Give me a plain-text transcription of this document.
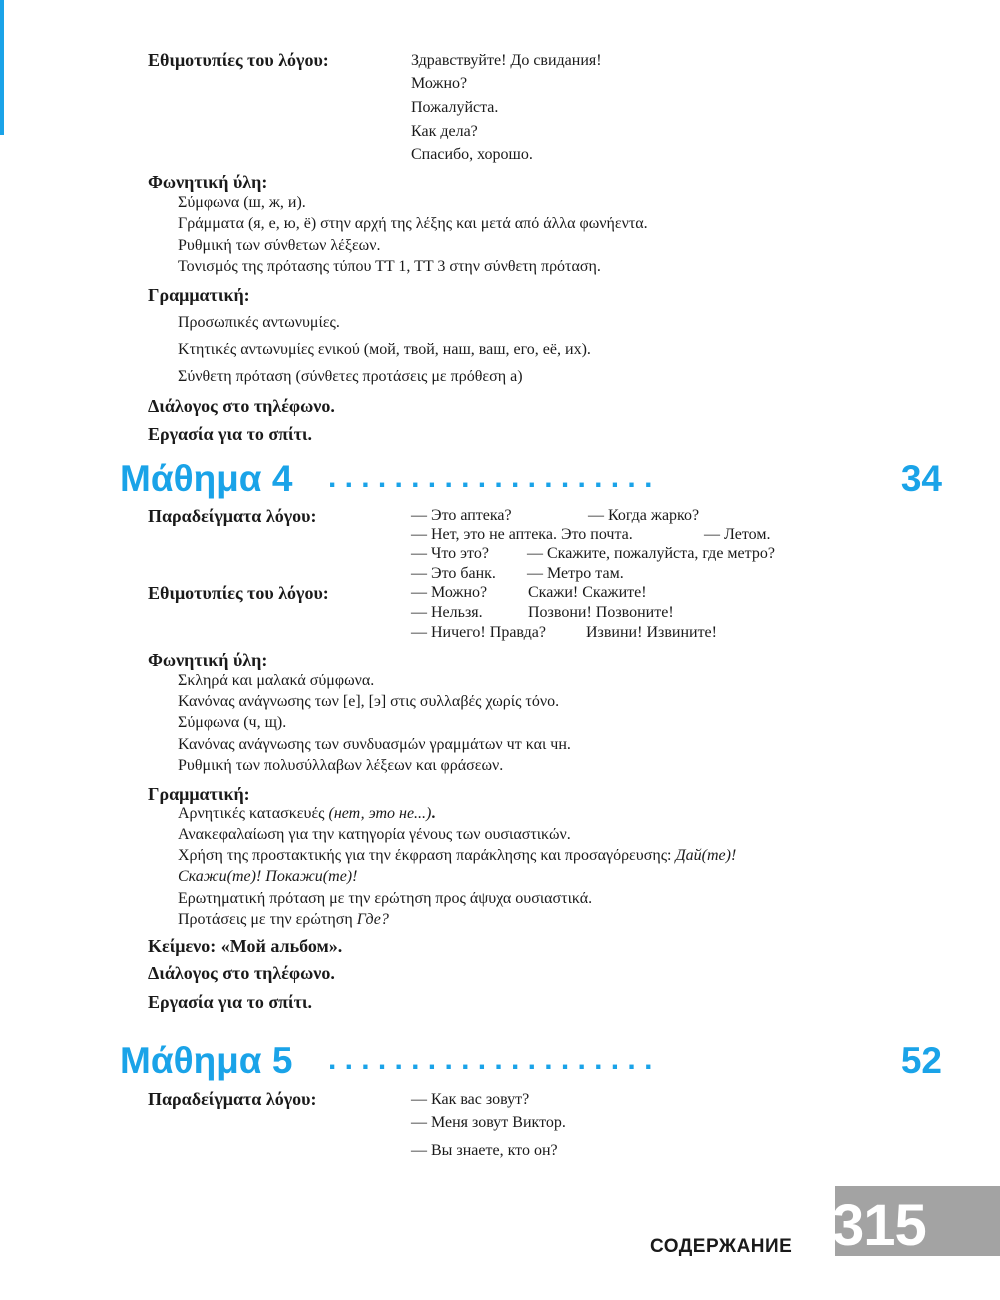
Εθιμοτυπίες του λόγου:	Здравствуйте! До свидания!
Можно?
Пожалуйста.
Как дела?
Спасибо, хорошо.
Φωνητική ύλη:
Σύμφωνα (ш, ж, и).
Γράμματα (я, е, ю, ё) στην αρχή της λέξης και μετά από άλλα φωνήεντα.
Ρυθμική των σύνθετων λέξεων.
Τονισμός της πρότασης τύπου ΤΤ 1, ΤΤ 3 στην σύνθετη πρόταση.
Γραμματική:
Προσωπικές αντωνυμίες.
Κτητικές αντωνυμίες ενικού (мой, твой, наш, ваш, его, её, их).
Σύνθετη πρόταση (σύνθετες προτάσεις με πρόθεση а)
Διάλογος στο τηλέφωνο.
Εργασία για το σπίτι.
Μάθημα 4 ....................	34
Παραδείγματα λόγου:	— Это аптека?	— Когда жарко?
— Нет, это не аптека. Это почта.	— Летом.
— Что это? — Скажите, пожалуйста, где метро?
— Это банк. — Метро там.
Εθιμοτυπίες του λόγου:	— Можно?	Скажи! Скажите!
— Нельзя.	Позвони! Позвоните!
— Ничего! Правда?	Извини! Извините!
Φωνητική ύλη:
Σκληρά και μαλακά σύμφωνα.
Κανόνας ανάγνωσης των [е], [э] στις συλλαβές χωρίς τόνο.
Σύμφωνα (ч, щ).
Κανόνας ανάγνωσης των συνδυασμών γραμμάτων чт και чн.
Ρυθμική των πολυσύλλαβων λέξεων και φράσεων.
Γραμματική:
Αρνητικές κατασκευές (нет, это не...).
Ανακεφαλαίωση για την κατηγορία γένους των ουσιαστικών.
Χρήση της προστακτικής για την έκφραση παράκλησης και προσαγόρευσης: Дай(те)!
Скажи(те)! Покажи(те)!
Ερωτηματική πρόταση με την ερώτηση προς άψυχα ουσιαστικά.
Προτάσεις με την ερώτηση Где?
Κείμενο: «Мой альбом».
Διάλογος στο τηλέφωνο.
Εργασία για το σπίτι.
Μάθημα 5 ....................	52
Παραδείγματα λόγου:	— Как вас зовут?
— Меня зовут Виктор.
— Вы знаете, кто он?
315
СОДЕРЖАНИЕ
